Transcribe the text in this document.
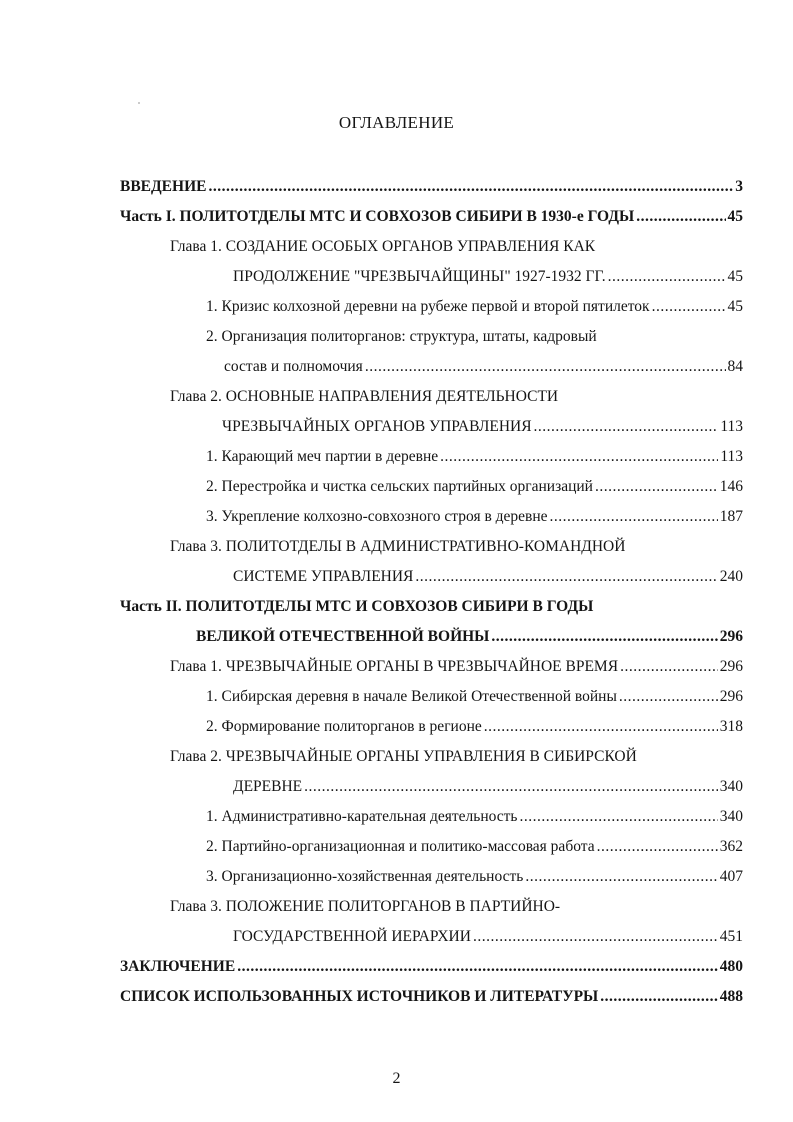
ОГЛАВЛЕНИЕ
ВВЕДЕНИЕ .....	3
Часть I. ПОЛИТОТДЕЛЫ МТС И СОВХОЗОВ СИБИРИ В 1930-е ГОДЫ .....	45
Глава 1. СОЗДАНИЕ ОСОБЫХ ОРГАНОВ УПРАВЛЕНИЯ КАК
ПРОДОЛЖЕНИЕ "ЧРЕЗВЫЧАЙЩИНЫ" 1927-1932 ГГ. .....	45
1. Кризис колхозной деревни на рубеже первой и второй пятилеток .....	45
2. Организация политорганов: структура, штаты, кадровый
состав и полномочия .....	84
Глава 2. ОСНОВНЫЕ НАПРАВЛЕНИЯ ДЕЯТЕЛЬНОСТИ
ЧРЕЗВЫЧАЙНЫХ ОРГАНОВ УПРАВЛЕНИЯ .....	113
1. Карающий меч партии в деревне .....	113
2. Перестройка и чистка сельских партийных организаций .....	146
3. Укрепление колхозно-совхозного строя в деревне .....	187
Глава 3. ПОЛИТОТДЕЛЫ В АДМИНИСТРАТИВНО-КОМАНДНОЙ
СИСТЕМЕ УПРАВЛЕНИЯ .....	240
Часть II. ПОЛИТОТДЕЛЫ МТС И СОВХОЗОВ СИБИРИ В ГОДЫ
ВЕЛИКОЙ ОТЕЧЕСТВЕННОЙ ВОЙНЫ .....	296
Глава 1. ЧРЕЗВЫЧАЙНЫЕ ОРГАНЫ В ЧРЕЗВЫЧАЙНОЕ ВРЕМЯ .....	296
1. Сибирская деревня в начале Великой Отечественной войны .....	296
2. Формирование политорганов в регионе .....	318
Глава 2. ЧРЕЗВЫЧАЙНЫЕ ОРГАНЫ УПРАВЛЕНИЯ В СИБИРСКОЙ
ДЕРЕВНЕ .....	340
1. Административно-карательная деятельность .....	340
2. Партийно-организационная и политико-массовая работа .....	362
3. Организационно-хозяйственная деятельность .....	407
Глава 3. ПОЛОЖЕНИЕ ПОЛИТОРГАНОВ В ПАРТИЙНО-
ГОСУДАРСТВЕННОЙ ИЕРАРХИИ .....	451
ЗАКЛЮЧЕНИЕ .....	480
СПИСОК ИСПОЛЬЗОВАННЫХ ИСТОЧНИКОВ И ЛИТЕРАТУРЫ .....	488
2
